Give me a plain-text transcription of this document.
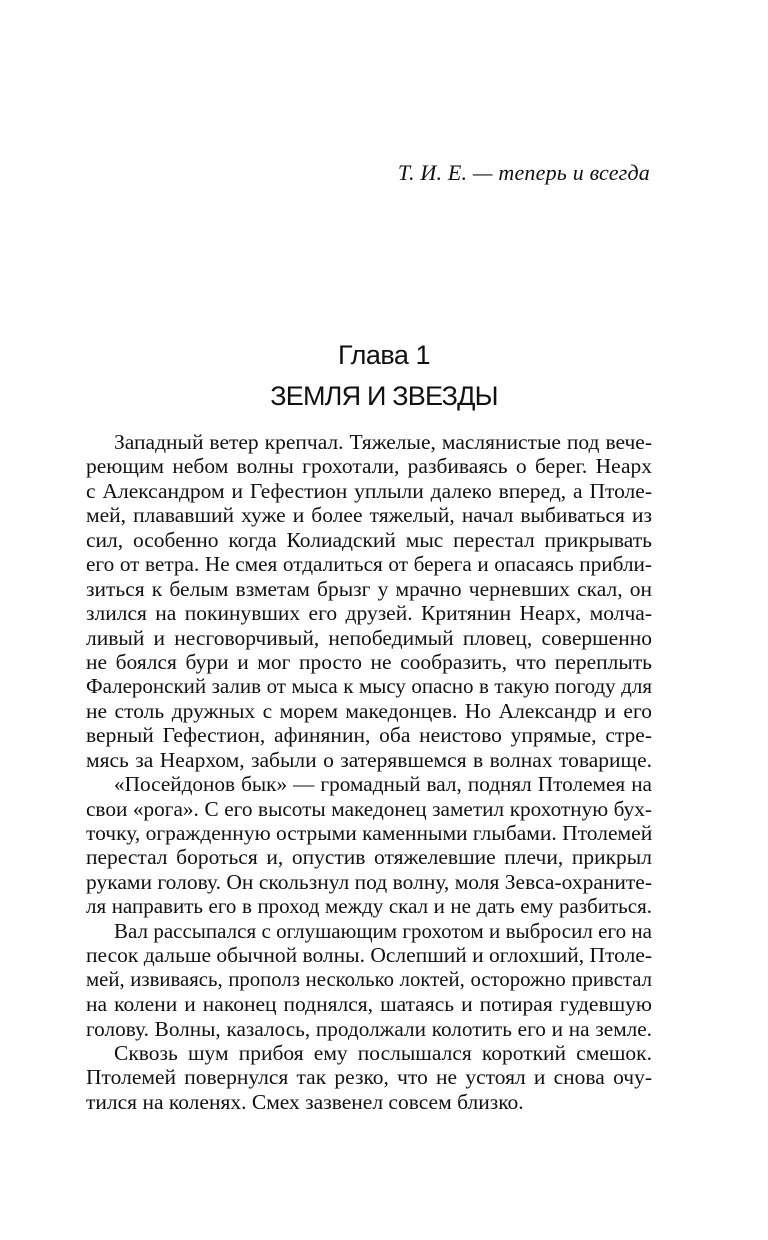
Т. И. Е. — теперь и всегда
Глава 1
ЗЕМЛЯ И ЗВЕЗДЫ
Западный ветер крепчал. Тяжелые, маслянистые под вече-
реющим небом волны грохотали, разбиваясь о берег. Неарх
с Александром и Гефестион уплыли далеко вперед, а Птоле-
мей, плававший хуже и более тяжелый, начал выбиваться из
сил, особенно когда Колиадский мыс перестал прикрывать
его от ветра. Не смея отдалиться от берега и опасаясь прибли-
зиться к белым взметам брызг у мрачно черневших скал, он
злился на покинувших его друзей. Критянин Неарх, молча-
ливый и несговорчивый, непобедимый пловец, совершенно
не боялся бури и мог просто не сообразить, что переплыть
Фалеронский залив от мыса к мысу опасно в такую погоду для
не столь дружных с морем македонцев. Но Александр и его
верный Гефестион, афинянин, оба неистово упрямые, стре-
мясь за Неархом, забыли о затерявшемся в волнах товарище.
«Посейдонов бык» — громадный вал, поднял Птолемея на
свои «рога». С его высоты македонец заметил крохотную бух-
точку, огражденную острыми каменными глыбами. Птолемей
перестал бороться и, опустив отяжелевшие плечи, прикрыл
руками голову. Он скользнул под волну, моля Зевса-охраните-
ля направить его в проход между скал и не дать ему разбиться.
Вал рассыпался с оглушающим грохотом и выбросил его на
песок дальше обычной волны. Ослепший и оглохший, Птоле-
мей, извиваясь, прополз несколько локтей, осторожно привстал
на колени и наконец поднялся, шатаясь и потирая гудевшую
голову. Волны, казалось, продолжали колотить его и на земле.
Сквозь шум прибоя ему послышался короткий смешок.
Птолемей повернулся так резко, что не устоял и снова очу-
тился на коленях. Смех зазвенел совсем близко.
